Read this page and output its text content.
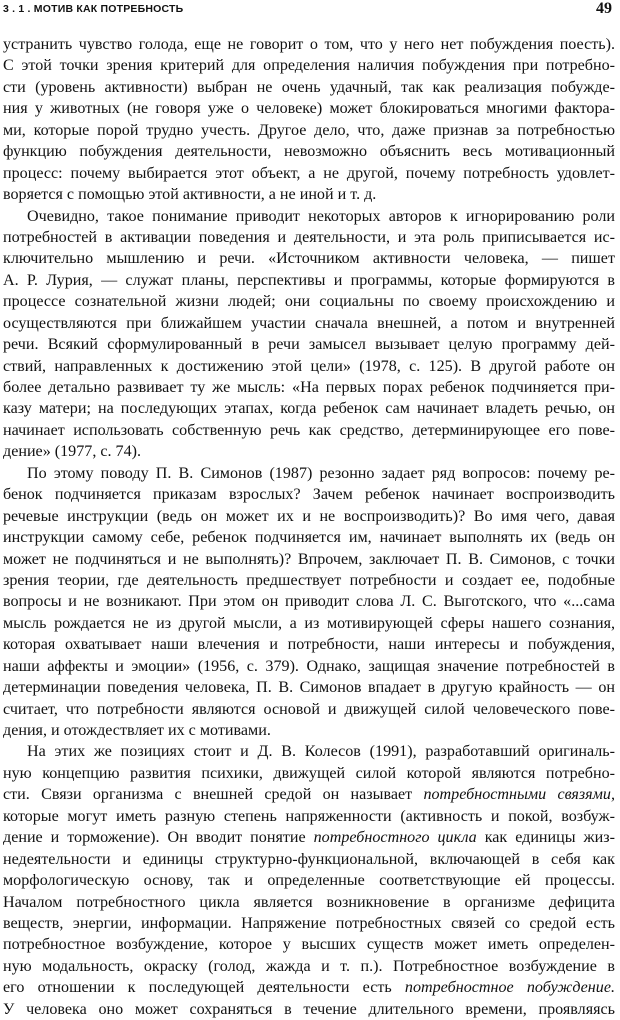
3 . 1 . МОТИВ КАК ПОТРЕБНОСТЬ	49
устранить чувство голода, еще не говорит о том, что у него нет побуждения поесть).
С этой точки зрения критерий для определения наличия побуждения при потребно-
сти (уровень активности) выбран не очень удачный, так как реализация побужде-
ния у животных (не говоря уже о человеке) может блокироваться многими фактора-
ми, которые порой трудно учесть. Другое дело, что, даже признав за потребностью
функцию побуждения деятельности, невозможно объяснить весь мотивационный
процесс: почему выбирается этот объект, а не другой, почему потребность удовлет-
воряется с помощью этой активности, а не иной и т. д.
Очевидно, такое понимание приводит некоторых авторов к игнорированию роли
потребностей в активации поведения и деятельности, и эта роль приписывается ис-
ключительно мышлению и речи. «Источником активности человека, — пишет
А. Р. Лурия, — служат планы, перспективы и программы, которые формируются в
процессе сознательной жизни людей; они социальны по своему происхождению и
осуществляются при ближайшем участии сначала внешней, а потом и внутренней
речи. Всякий сформулированный в речи замысел вызывает целую программу дей-
ствий, направленных к достижению этой цели» (1978, с. 125). В другой работе он
более детально развивает ту же мысль: «На первых порах ребенок подчиняется при-
казу матери; на последующих этапах, когда ребенок сам начинает владеть речью, он
начинает использовать собственную речь как средство, детерминирующее его пове-
дение» (1977, с. 74).
По этому поводу П. В. Симонов (1987) резонно задает ряд вопросов: почему ре-
бенок подчиняется приказам взрослых? Зачем ребенок начинает воспроизводить
речевые инструкции (ведь он может их и не воспроизводить)? Во имя чего, давая
инструкции самому себе, ребенок подчиняется им, начинает выполнять их (ведь он
может не подчиняться и не выполнять)? Впрочем, заключает П. В. Симонов, с точки
зрения теории, где деятельность предшествует потребности и создает ее, подобные
вопросы и не возникают. При этом он приводит слова Л. С. Выготского, что «...сама
мысль рождается не из другой мысли, а из мотивирующей сферы нашего сознания,
которая охватывает наши влечения и потребности, наши интересы и побуждения,
наши аффекты и эмоции» (1956, с. 379). Однако, защищая значение потребностей в
детерминации поведения человека, П. В. Симонов впадает в другую крайность — он
считает, что потребности являются основой и движущей силой человеческого пове-
дения, и отождествляет их с мотивами.
На этих же позициях стоит и Д. В. Колесов (1991), разработавший оригиналь-
ную концепцию развития психики, движущей силой которой являются потребно-
сти. Связи организма с внешней средой он называет потребностными связями,
которые могут иметь разную степень напряженности (активность и покой, возбуж-
дение и торможение). Он вводит понятие потребностного цикла как единицы жиз-
недеятельности и единицы структурно-функциональной, включающей в себя как
морфологическую основу, так и определенные соответствующие ей процессы.
Началом потребностного цикла является возникновение в организме дефицита
веществ, энергии, информации. Напряжение потребностных связей со средой есть
потребностное возбуждение, которое у высших существ может иметь определен-
ную модальность, окраску (голод, жажда и т. п.). Потребностное возбуждение в
его отношении к последующей деятельности есть потребностное побуждение.
У человека оно может сохраняться в течение длительного времени, проявляясь
